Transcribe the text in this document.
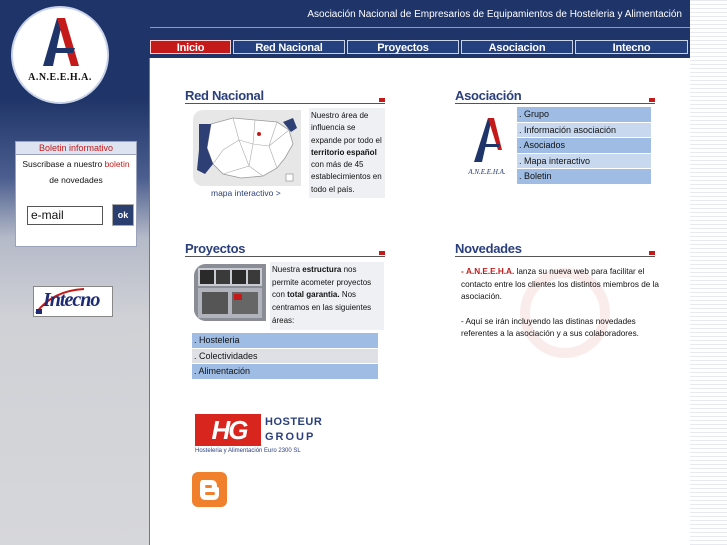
Asociación Nacional de Empresarios de Equipamientos de Hosteleria y Alimentación
Inicio	Red Nacional	Proyectos	Asociacion	Intecno
A.N.E.E.H.A.
Boletin informativo
Suscribase a nuestro boletin
de novedades
e-mail	ok
Intecno
Red Nacional
mapa interactivo >
Nuestro área de influencia se expande por todo el territorio español con más de 45 establecimientos en todo el país.
Asociación
A.N.E.E.H.A.
. Grupo
. Información asociación
. Asociados
. Mapa interactivo
. Boletin
Proyectos
Nuestra estructura nos permite acometer proyectos con total garantia. Nos centramos en las siguientes áreas:
. Hosteleria
. Colectividades
. Alimentación
Novedades
- A.N.E.E.H.A. lanza su nueva web para facilitar el contacto entre los clientes los distintos miembros de la asociación.
- Aquí se irán incluyendo las distinas novedades referentes a la asociación y a sus colaboradores.
HG	HOSTEUR
GROUP
Hosteleria y Alimentación Euro 2300 SL
